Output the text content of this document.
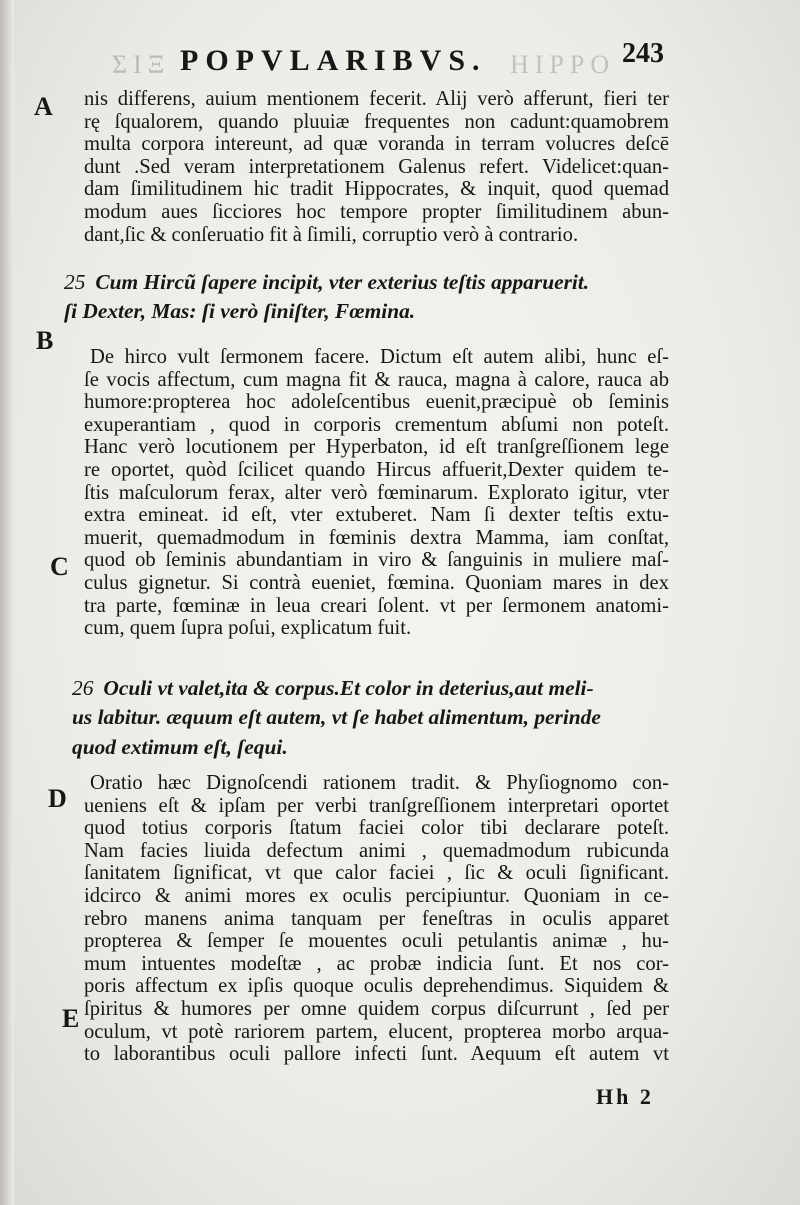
ΣIΞ	HIPPO
POPVLARIBVS.	243
A
B
C
D
E
nis differens, auium mentionem fecerit. Alij verò afferunt, fieri ter
rę ſqualorem, quando pluuiæ frequentes non cadunt:quamobrem
multa corpora intereunt, ad quæ voranda in terram volucres deſcē
dunt .Sed veram interpretationem Galenus refert. Videlicet:quan-
dam ſimilitudinem hic tradit Hippocrates, & inquit, quod quemad
modum aues ſicciores hoc tempore propter ſimilitudinem abun-
dant,ſic & conſeruatio fit à ſimili, corruptio verò à contrario.
25 Cum Hircũ ſapere incipit, vter exterius teſtis apparuerit.
ſi Dexter, Mas: ſi verò ſiniſter, Fœmina.
De hirco vult ſermonem facere. Dictum eſt autem alibi, hunc eſ-
ſe vocis affectum, cum magna fit & rauca, magna à calore, rauca ab
humore:propterea hoc adoleſcentibus euenit,præcipuè ob ſeminis
exuperantiam , quod in corporis crementum abſumi non poteſt.
Hanc verò locutionem per Hyperbaton, id eſt tranſgreſſionem lege
re oportet, quòd ſcilicet quando Hircus affuerit,Dexter quidem te-
ſtis maſculorum ferax, alter verò fœminarum. Explorato igitur, vter
extra emineat. id eſt, vter extuberet. Nam ſi dexter teſtis extu-
muerit, quemadmodum in fœminis dextra Mamma, iam conſtat,
quod ob ſeminis abundantiam in viro & ſanguinis in muliere maſ-
culus gignetur. Si contrà eueniet, fœmina. Quoniam mares in dex
tra parte, fœminæ in leua creari ſolent. vt per ſermonem anatomi-
cum, quem ſupra poſui, explicatum fuit.
26 Oculi vt valet,ita & corpus.Et color in deterius,aut meli-
us labitur. æquum eſt autem, vt ſe habet alimentum, perinde
quod extimum eſt, ſequi.
Oratio hæc Dignoſcendi rationem tradit. & Phyſiognomo con-
ueniens eſt & ipſam per verbi tranſgreſſionem interpretari oportet
quod totius corporis ſtatum faciei color tibi declarare poteſt.
Nam facies liuida defectum animi , quemadmodum rubicunda
ſanitatem ſignificat, vt que calor faciei , ſic & oculi ſignificant.
idcirco & animi mores ex oculis percipiuntur. Quoniam in ce-
rebro manens anima tanquam per feneſtras in oculis apparet
propterea & ſemper ſe mouentes oculi petulantis animæ , hu-
mum intuentes modeſtæ , ac probæ indicia ſunt. Et nos cor-
poris affectum ex ipſis quoque oculis deprehendimus. Siquidem &
ſpiritus & humores per omne quidem corpus diſcurrunt , ſed per
oculum, vt potè rariorem partem, elucent, propterea morbo arqua-
to laborantibus oculi pallore infecti ſunt. Aequum eſt autem vt
Hh 2
